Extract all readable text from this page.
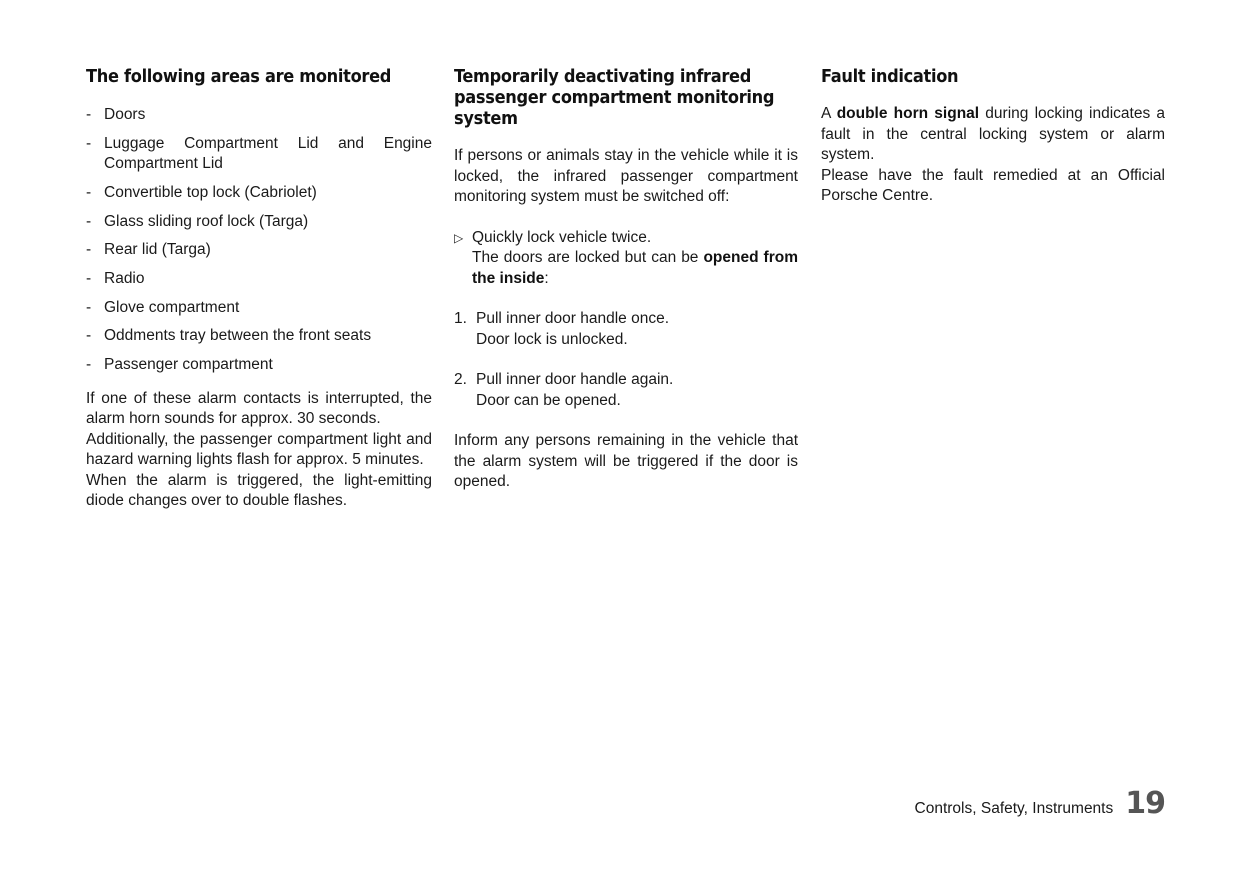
The following areas are monitored
- Doors
- Luggage Compartment Lid and Engine Compartment Lid
- Convertible top lock (Cabriolet)
- Glass sliding roof lock (Targa)
- Rear lid (Targa)
- Radio
- Glove compartment
- Oddments tray between the front seats
- Passenger compartment

If one of these alarm contacts is interrupted, the alarm horn sounds for approx. 30 seconds.

Additionally, the passenger compartment light and hazard warning lights flash for approx. 5 minutes.

When the alarm is triggered, the light-emitting diode changes over to double flashes.

Temporarily deactivating infrared passenger compartment monitoring system

If persons or animals stay in the vehicle while it is locked, the infrared passenger compartment monitoring system must be switched off:

▷ Quickly lock vehicle twice.
The doors are locked but can be opened from the inside:
1. Pull inner door handle once.
Door lock is unlocked.
2. Pull inner door handle again.
Door can be opened.

Inform any persons remaining in the vehicle that the alarm system will be triggered if the door is opened.

Fault indication

A double horn signal during locking indicates a fault in the central locking system or alarm system.

Please have the fault remedied at an Official Porsche Centre.

Controls, Safety, Instruments 19
